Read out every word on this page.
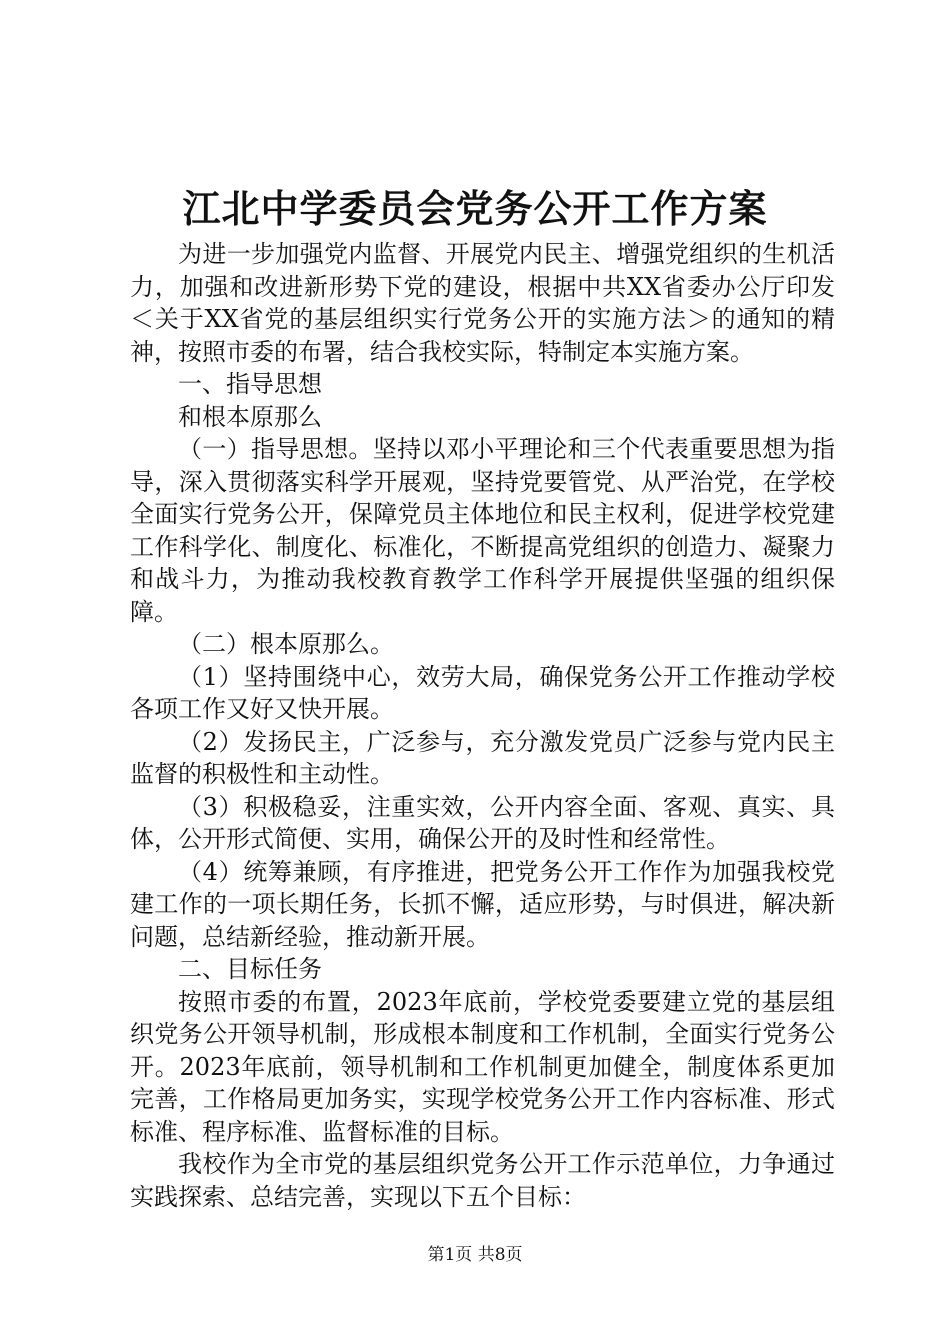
江北中学委员会党务公开工作方案

为进一步加强党内监督、开展党内民主、增强党组织的生机活力，加强和改进新形势下党的建设，根据中共XX省委办公厅印发＜关于XX省党的基层组织实行党务公开的实施方法＞的通知的精神，按照市委的布署，结合我校实际，特制定本实施方案。

一、指导思想

和根本原那么

（一）指导思想。坚持以邓小平理论和三个代表重要思想为指导，深入贯彻落实科学开展观，坚持党要管党、从严治党，在学校全面实行党务公开，保障党员主体地位和民主权利，促进学校党建工作科学化、制度化、标准化，不断提高党组织的创造力、凝聚力和战斗力，为推动我校教育教学工作科学开展提供坚强的组织保障。

（二）根本原那么。

（1）坚持围绕中心，效劳大局，确保党务公开工作推动学校各项工作又好又快开展。

（2）发扬民主，广泛参与，充分激发党员广泛参与党内民主监督的积极性和主动性。

（3）积极稳妥，注重实效，公开内容全面、客观、真实、具体，公开形式简便、实用，确保公开的及时性和经常性。

（4）统筹兼顾，有序推进，把党务公开工作作为加强我校党建工作的一项长期任务，长抓不懈，适应形势，与时俱进，解决新问题，总结新经验，推动新开展。

二、目标任务

按照市委的布置，2023年底前，学校党委要建立党的基层组织党务公开领导机制，形成根本制度和工作机制，全面实行党务公开。2023年底前，领导机制和工作机制更加健全，制度体系更加完善，工作格局更加务实，实现学校党务公开工作内容标准、形式标准、程序标准、监督标准的目标。

我校作为全市党的基层组织党务公开工作示范单位，力争通过实践探索、总结完善，实现以下五个目标：

第1页 共8页
